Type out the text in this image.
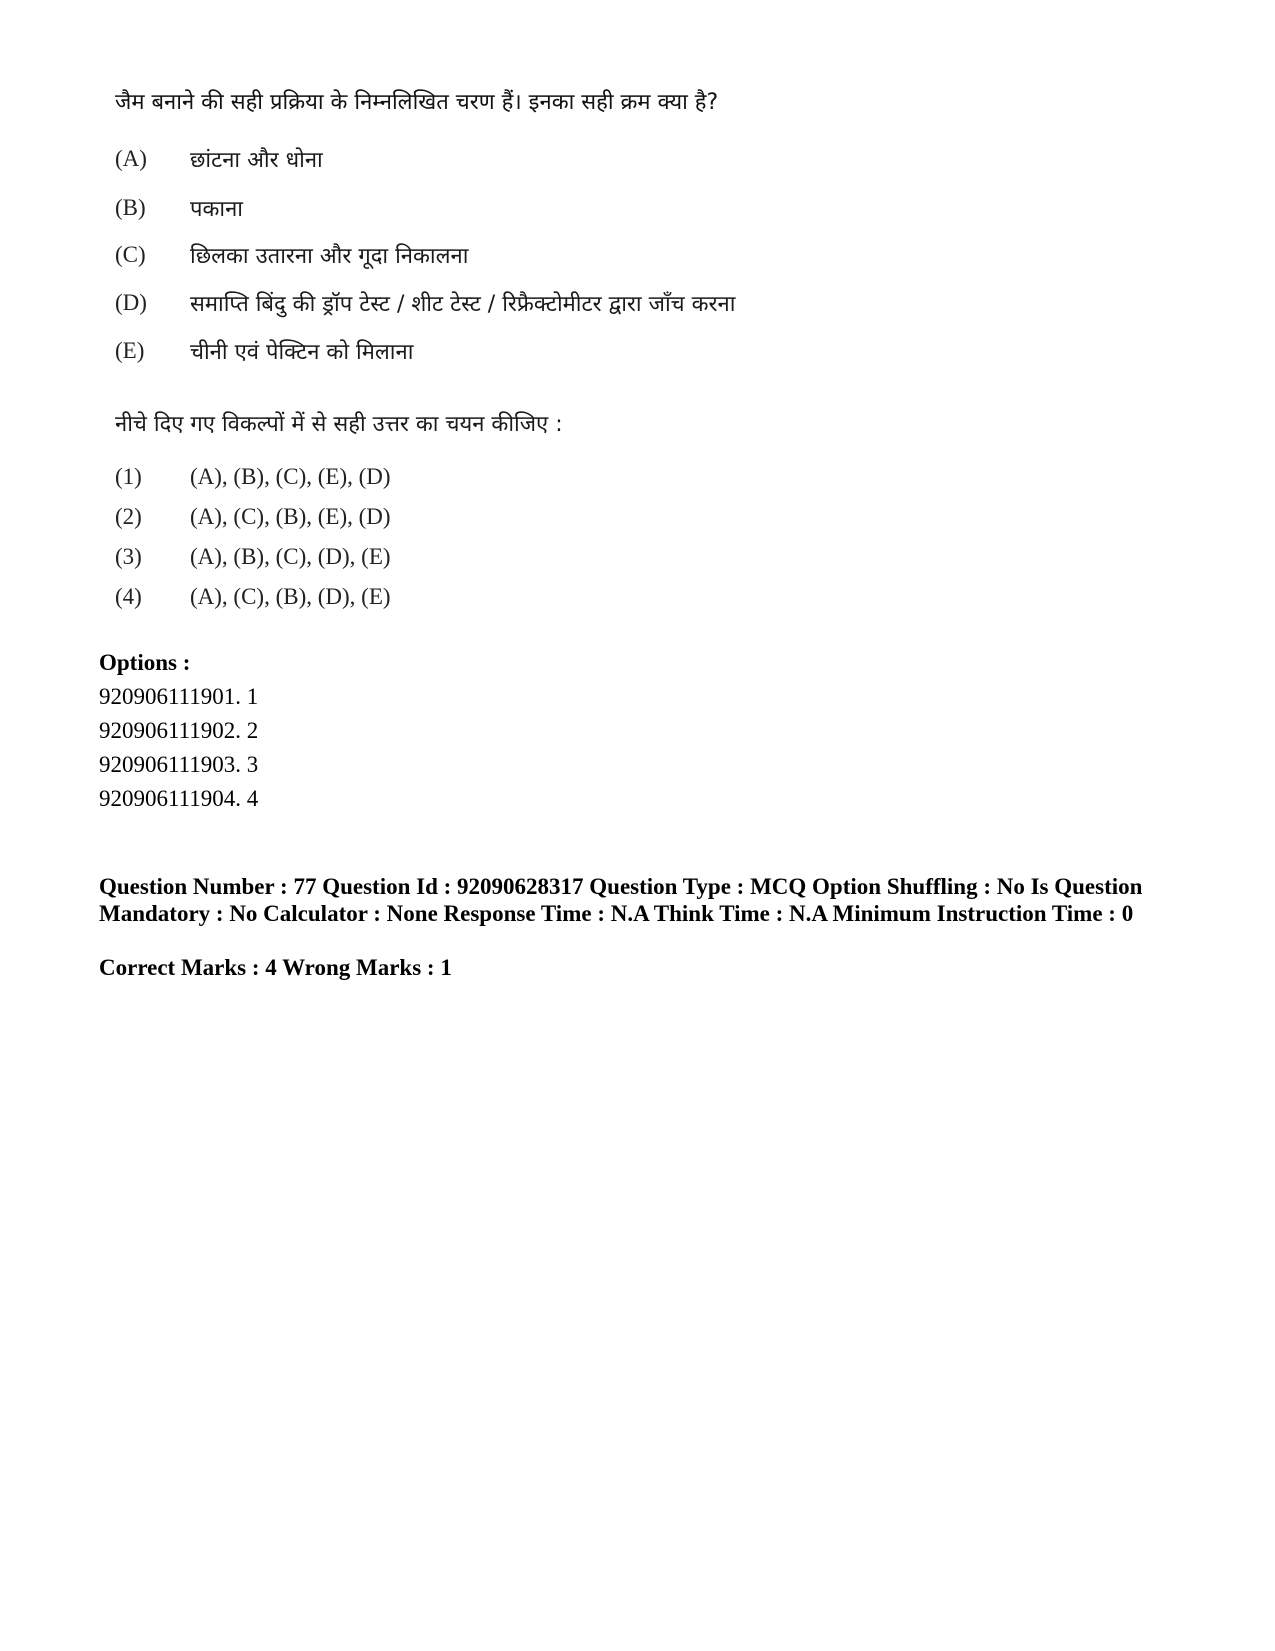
जैम बनाने की सही प्रक्रिया के निम्नलिखित चरण हैं। इनका सही क्रम क्या है?

(A)	छांटना और धोना
(B)	पकाना
(C)	छिलका उतारना और गूदा निकालना
(D)	समाप्ति बिंदु की ड्रॉप टेस्ट / शीट टेस्ट / रिफ्रैक्टोमीटर द्वारा जाँच करना
(E)	चीनी एवं पेक्टिन को मिलाना

नीचे दिए गए विकल्पों में से सही उत्तर का चयन कीजिए :

(1)	(A), (B), (C), (E), (D)
(2)	(A), (C), (B), (E), (D)
(3)	(A), (B), (C), (D), (E)
(4)	(A), (C), (B), (D), (E)
Options :
920906111901. 1
920906111902. 2
920906111903. 3
920906111904. 4
Question Number : 77 Question Id : 92090628317 Question Type : MCQ Option Shuffling : No Is Question Mandatory : No Calculator : None Response Time : N.A Think Time : N.A Minimum Instruction Time : 0
Correct Marks : 4 Wrong Marks : 1
